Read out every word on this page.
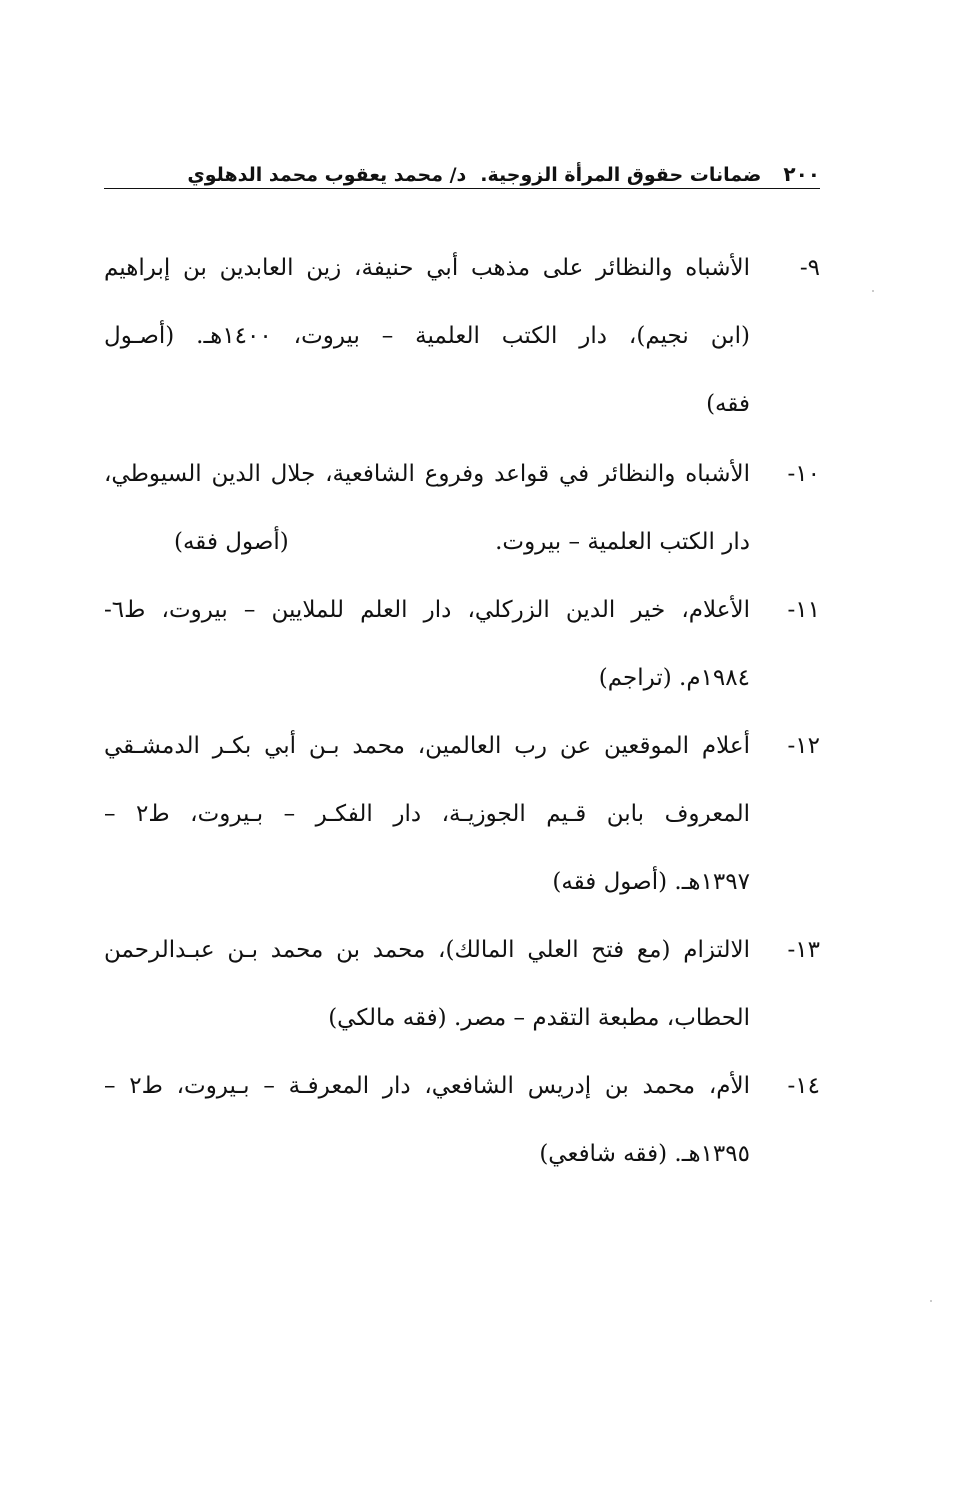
٢٠٠
ضمانات حقوق المرأة الزوجية.
د/ محمد يعقوب محمد الدهلوي
٩-
الأشباه والنظائر على مذهب أبي حنيفة، زين العابدين بن إبراهيم
(ابن نجيم)، دار الكتب العلمية – بيروت، ١٤٠٠هـ. (أصـول
فقه)
١٠-
الأشباه والنظائر في قواعد وفروع الشافعية، جلال الدين السيوطي،
دار الكتب العلمية – بيروت.
(أصول فقه)
١١-
الأعلام، خير الدين الزركلي، دار العلم للملايين – بيروت، ط٦-
١٩٨٤م. (تراجم)
١٢-
أعلام الموقعين عن رب العالمين، محمد بـن أبي بكـر الدمشـقي
المعروف بابن قـيم الجوزيـة، دار الفكـر – بـيروت، ط٢ –
١٣٩٧هـ. (أصول فقه)
١٣-
الالتزام (مع فتح العلي المالك)، محمد بن محمد بـن عبـدالرحمن
الحطاب، مطبعة التقدم – مصر. (فقه مالكي)
١٤-
الأم، محمد بن إدريس الشافعي، دار المعرفـة – بـيروت، ط٢ –
١٣٩٥هـ. (فقه شافعي)
